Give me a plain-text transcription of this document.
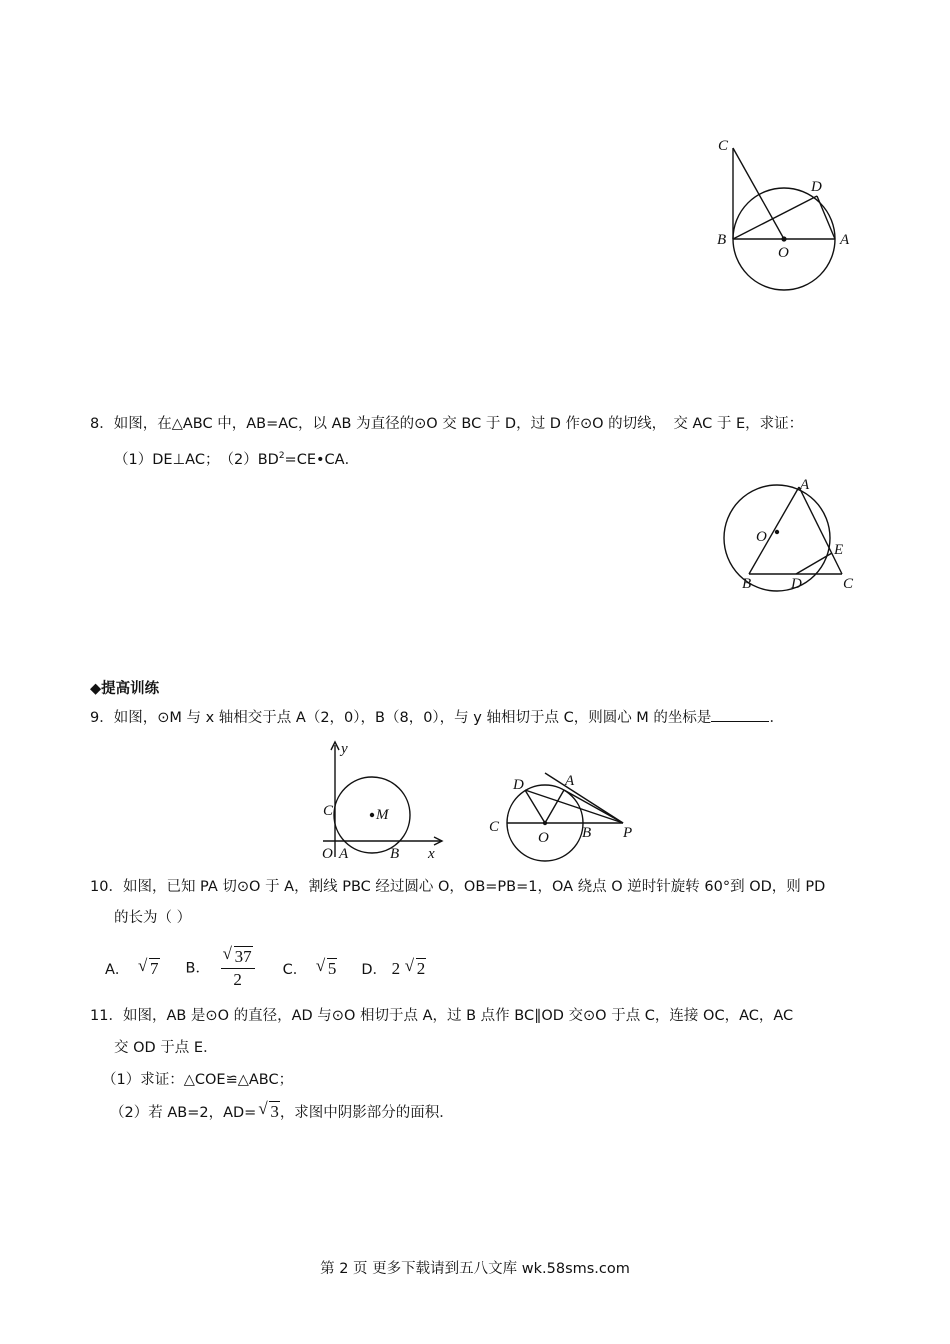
C
D
B
O
A
8．如图，在△ABC 中，AB=AC，以 AB 为直径的⊙O 交 BC 于 D，过 D 作⊙O 的切线，　交 AC 于 E，求证：
（1）DE⊥AC；　$(2)BD^2=CE•CA$．
A
O
E
B	D	C
◆提高训练
9．如图，⊙M 与 x 轴相交于点 A（2，0），B（8，0），与 y 轴相切于点 C，则圆心 M 的坐标是	．
y
C	M
O A	B x
D	A
C
O B P
10．如图，已知 PA 切⊙O 于 A，割线 PBC 经过圆心 O，OB=PB=1，OA 绕点 O 逆时针旋转 60°到 OD，则 PD
的长为（ ）
A． √ 7 B． $\frac{√ 37}{2}$ C． √ 5 D． 2 √ 2
11．如图，AB 是⊙O 的直径，AD 与⊙O 相切于点 A，过 B 点作 BC∥OD 交⊙O 于点 C，连接 OC，AC，AC
交 OD 于点 E．
（1）求证：△COE≌△ABC；
（2）若 AB=2，AD= √ 3，求图中阴影部分的面积．
第 2 页 更多下载请到五八文库 wk.58sms.com
